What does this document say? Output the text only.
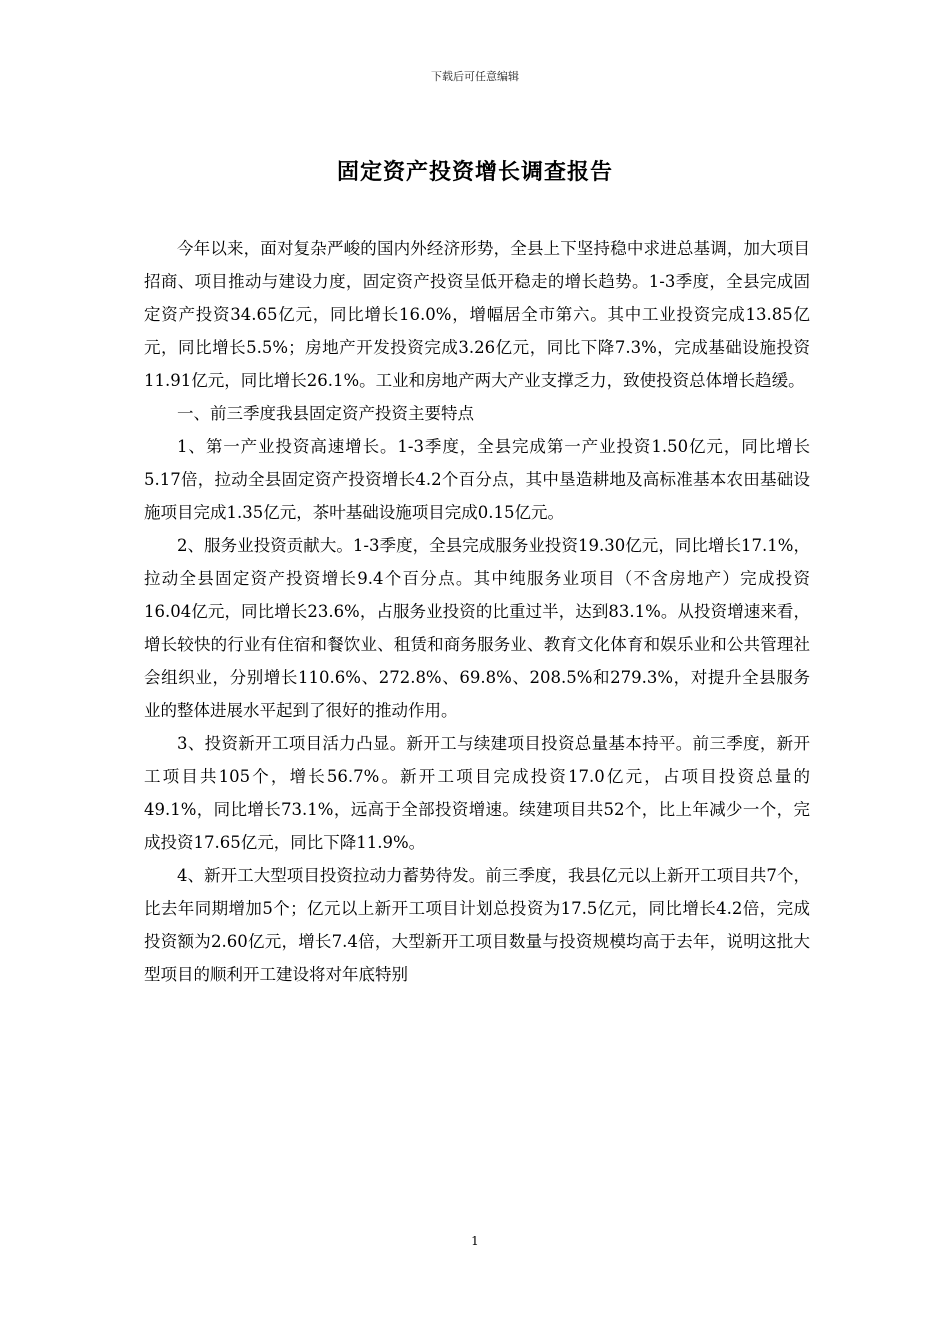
下载后可任意编辑
固定资产投资增长调查报告

今年以来，面对复杂严峻的国内外经济形势，全县上下坚持稳中求进总基调，加大项目招商、项目推动与建设力度，固定资产投资呈低开稳走的增长趋势。1-3季度，全县完成固定资产投资34.65亿元，同比增长16.0%，增幅居全市第六。其中工业投资完成13.85亿元，同比增长5.5%；房地产开发投资完成3.26亿元，同比下降7.3%，完成基础设施投资11.91亿元，同比增长26.1%。工业和房地产两大产业支撑乏力，致使投资总体增长趋缓。

一、前三季度我县固定资产投资主要特点

1、第一产业投资高速增长。1-3季度，全县完成第一产业投资1.50亿元，同比增长5.17倍，拉动全县固定资产投资增长4.2个百分点，其中垦造耕地及高标准基本农田基础设施项目完成1.35亿元，茶叶基础设施项目完成0.15亿元。

2、服务业投资贡献大。1-3季度，全县完成服务业投资19.30亿元，同比增长17.1%，拉动全县固定资产投资增长9.4个百分点。其中纯服务业项目（不含房地产）完成投资16.04亿元，同比增长23.6%，占服务业投资的比重过半，达到83.1%。从投资增速来看，增长较快的行业有住宿和餐饮业、租赁和商务服务业、教育文化体育和娱乐业和公共管理社会组织业，分别增长110.6%、272.8%、69.8%、208.5%和279.3%，对提升全县服务业的整体进展水平起到了很好的推动作用。

3、投资新开工项目活力凸显。新开工与续建项目投资总量基本持平。前三季度，新开工项目共105个，增长56.7%。新开工项目完成投资17.0亿元，占项目投资总量的49.1%，同比增长73.1%，远高于全部投资增速。续建项目共52个，比上年减少一个，完成投资17.65亿元，同比下降11.9%。

4、新开工大型项目投资拉动力蓄势待发。前三季度，我县亿元以上新开工项目共7个，比去年同期增加5个；亿元以上新开工项目计划总投资为17.5亿元，同比增长4.2倍，完成投资额为2.60亿元，增长7.4倍，大型新开工项目数量与投资规模均高于去年，说明这批大型项目的顺利开工建设将对年底特别

1
